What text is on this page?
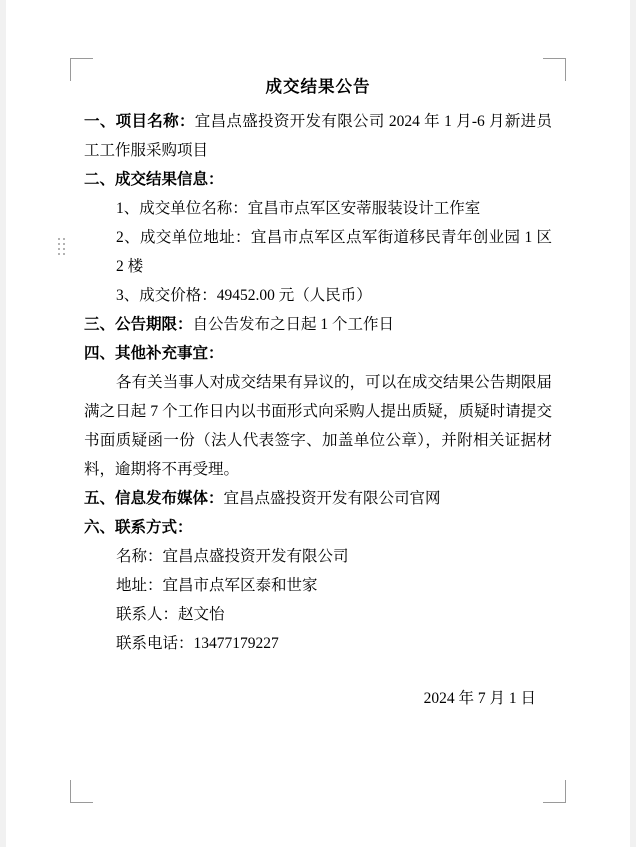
成交结果公告

一、项目名称：宜昌点盛投资开发有限公司 2024 年 1 月-6 月新进员工工作服采购项目

二、成交结果信息：

1、成交单位名称：宜昌市点军区安蒂服装设计工作室

2、成交单位地址：宜昌市点军区点军街道移民青年创业园 1 区 2 楼

3、成交价格：49452.00 元（人民币）

三、公告期限：自公告发布之日起 1 个工作日

四、其他补充事宜：

各有关当事人对成交结果有异议的，可以在成交结果公告期限届满之日起 7 个工作日内以书面形式向采购人提出质疑，质疑时请提交书面质疑函一份（法人代表签字、加盖单位公章），并附相关证据材料，逾期将不再受理。

五、信息发布媒体：宜昌点盛投资开发有限公司官网

六、联系方式：

名称：宜昌点盛投资开发有限公司

地址：宜昌市点军区泰和世家

联系人：赵文怡

联系电话：13477179227

2024 年 7 月 1 日
